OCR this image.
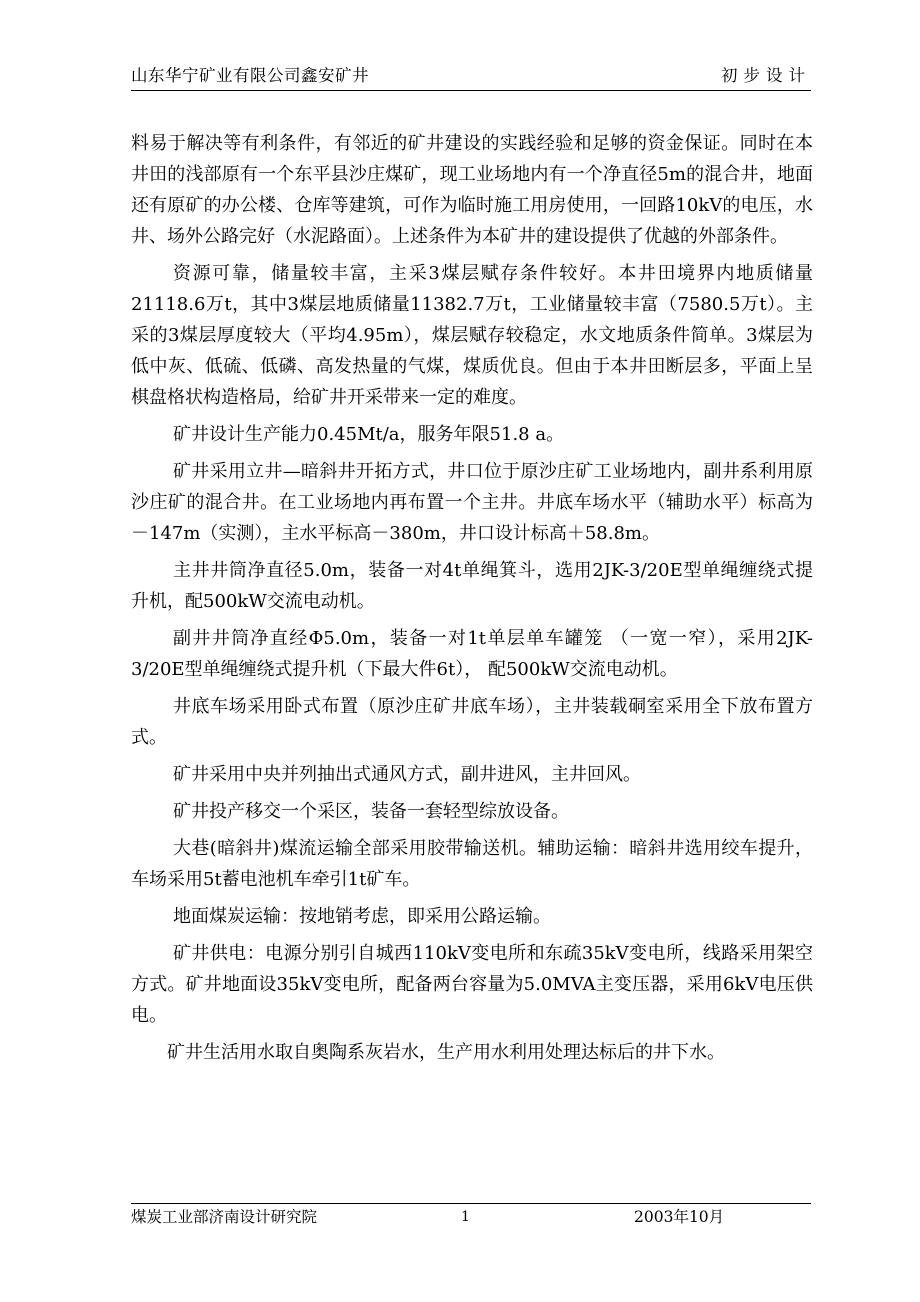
山东华宁矿业有限公司鑫安矿井	初步设计

料易于解决等有利条件，有邻近的矿井建设的实践经验和足够的资金保证。同时在本井田的浅部原有一个东平县沙庄煤矿，现工业场地内有一个净直径5m的混合井，地面还有原矿的办公楼、仓库等建筑，可作为临时施工用房使用，一回路10kV的电压，水井、场外公路完好（水泥路面）。上述条件为本矿井的建设提供了优越的外部条件。

资源可靠，储量较丰富，主采3煤层赋存条件较好。本井田境界内地质储量21118.6万t，其中3煤层地质储量11382.7万t，工业储量较丰富（7580.5万t）。主采的3煤层厚度较大（平均4.95m），煤层赋存较稳定，水文地质条件简单。3煤层为低中灰、低硫、低磷、高发热量的气煤，煤质优良。但由于本井田断层多，平面上呈棋盘格状构造格局，给矿井开采带来一定的难度。

矿井设计生产能力0.45Mt/a，服务年限51.8 a。

矿井采用立井—暗斜井开拓方式，井口位于原沙庄矿工业场地内，副井系利用原沙庄矿的混合井。在工业场地内再布置一个主井。井底车场水平（辅助水平）标高为－147m（实测），主水平标高－380m，井口设计标高＋58.8m。

主井井筒净直径5.0m，装备一对4t单绳箕斗，选用2JK-3/20E型单绳缠绕式提升机，配500kW交流电动机。

副井井筒净直经Φ5.0m，装备一对1t单层单车罐笼 （一宽一窄），采用2JK-3/20E型单绳缠绕式提升机（下最大件6t）， 配500kW交流电动机。

井底车场采用卧式布置（原沙庄矿井底车场），主井装载硐室采用全下放布置方式。

矿井采用中央并列抽出式通风方式，副井进风，主井回风。

矿井投产移交一个采区，装备一套轻型综放设备。

大巷(暗斜井)煤流运输全部采用胶带输送机。辅助运输：暗斜井选用绞车提升，车场采用5t蓄电池机车牵引1t矿车。

地面煤炭运输：按地销考虑，即采用公路运输。

矿井供电：电源分别引自城西110kV变电所和东疏35kV变电所，线路采用架空方式。矿井地面设35kV变电所，配备两台容量为5.0MVA主变压器，采用6kV电压供电。

矿井生活用水取自奥陶系灰岩水，生产用水利用处理达标后的井下水。

煤炭工业部济南设计研究院	1	2003年10月
